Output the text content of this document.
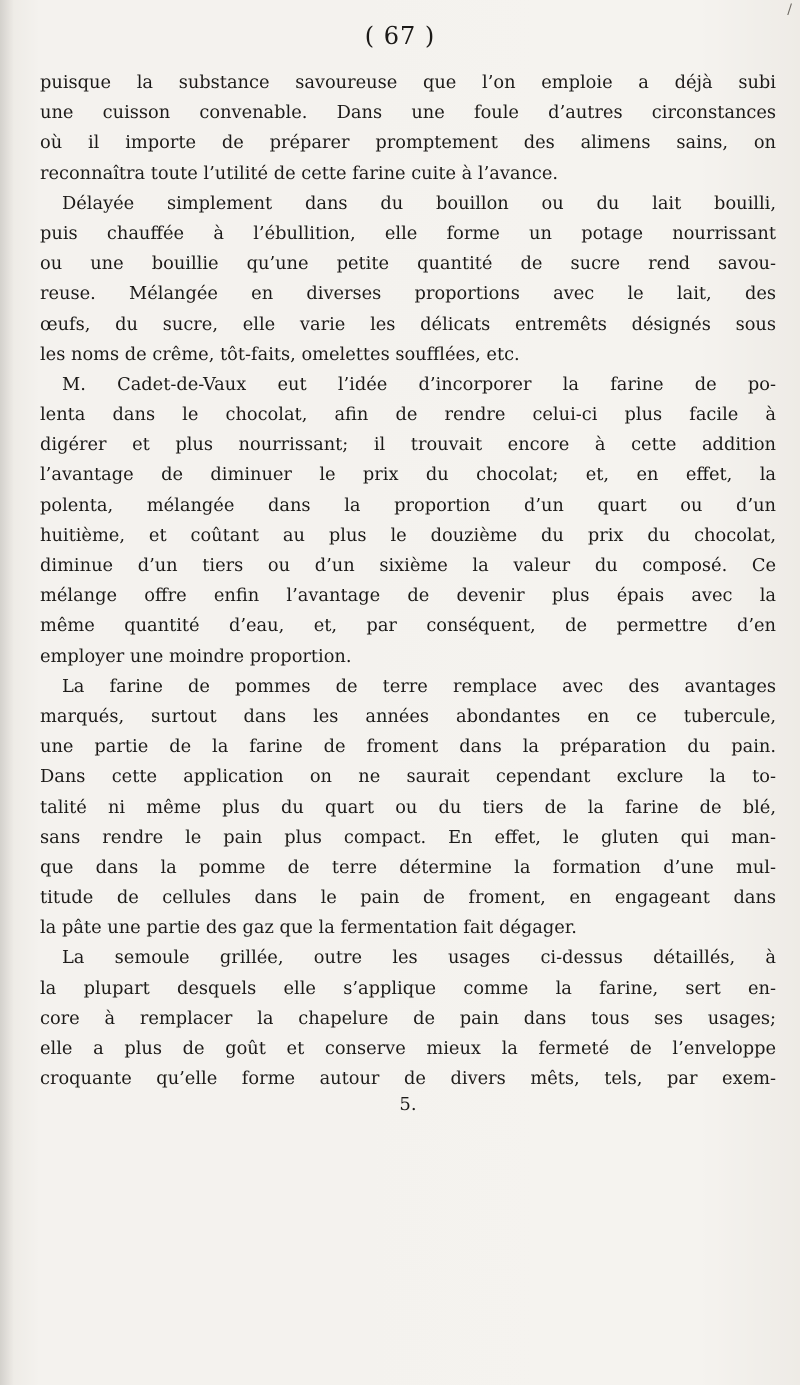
/
( 67 )
puisque la substance savoureuse que l’on emploie a déjà subi
une cuisson convenable. Dans une foule d’autres circonstances
où il importe de préparer promptement des alimens sains, on
reconnaîtra toute l’utilité de cette farine cuite à l’avance.
Délayée simplement dans du bouillon ou du lait bouilli,
puis chauffée à l’ébullition, elle forme un potage nourrissant
ou une bouillie qu’une petite quantité de sucre rend savou-
reuse. Mélangée en diverses proportions avec le lait, des
œufs, du sucre, elle varie les délicats entremêts désignés sous
les noms de crême, tôt-faits, omelettes soufflées, etc.
M. Cadet-de-Vaux eut l’idée d’incorporer la farine de po-
lenta dans le chocolat, afin de rendre celui-ci plus facile à
digérer et plus nourrissant; il trouvait encore à cette addition
l’avantage de diminuer le prix du chocolat; et, en effet, la
polenta, mélangée dans la proportion d’un quart ou d’un
huitième, et coûtant au plus le douzième du prix du chocolat,
diminue d’un tiers ou d’un sixième la valeur du composé. Ce
mélange offre enfin l’avantage de devenir plus épais avec la
même quantité d’eau, et, par conséquent, de permettre d’en
employer une moindre proportion.
La farine de pommes de terre remplace avec des avantages
marqués, surtout dans les années abondantes en ce tubercule,
une partie de la farine de froment dans la préparation du pain.
Dans cette application on ne saurait cependant exclure la to-
talité ni même plus du quart ou du tiers de la farine de blé,
sans rendre le pain plus compact. En effet, le gluten qui man-
que dans la pomme de terre détermine la formation d’une mul-
titude de cellules dans le pain de froment, en engageant dans
la pâte une partie des gaz que la fermentation fait dégager.
La semoule grillée, outre les usages ci-dessus détaillés, à
la plupart desquels elle s’applique comme la farine, sert en-
core à remplacer la chapelure de pain dans tous ses usages;
elle a plus de goût et conserve mieux la fermeté de l’enveloppe
croquante qu’elle forme autour de divers mêts, tels, par exem-
5.
